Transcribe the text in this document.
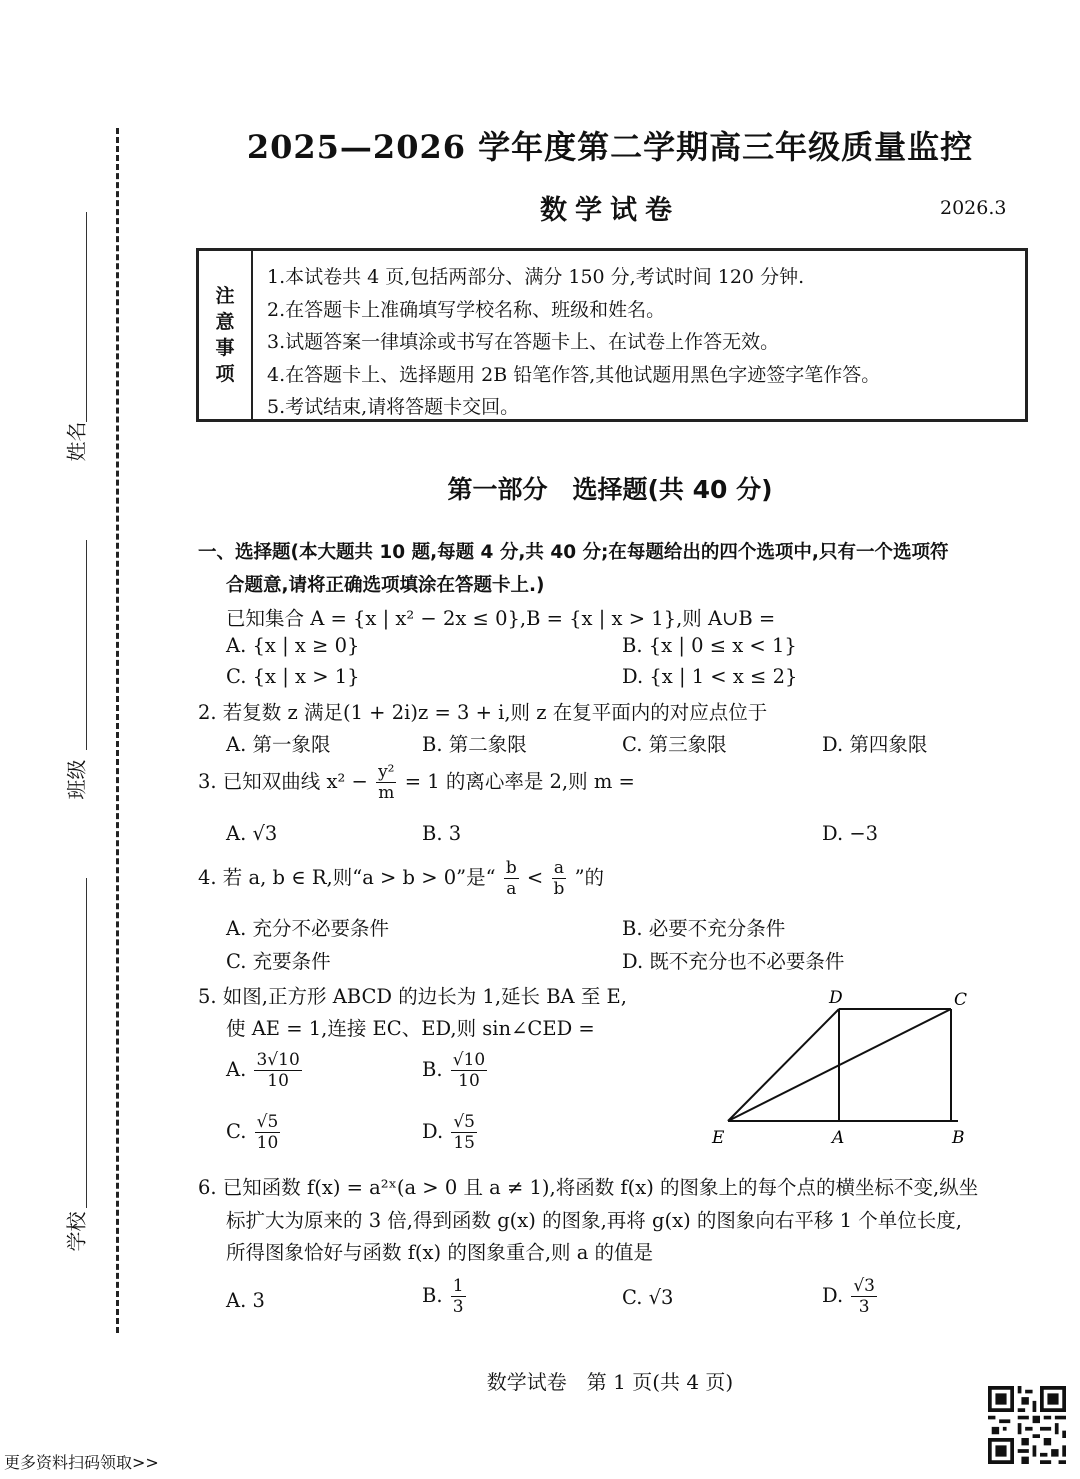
姓名
班级
学校
2025—2026 学年度第二学期高三年级质量监控
数学试卷	2026.3
注
意
事
项
1.本试卷共 4 页,包括两部分、满分 150 分,考试时间 120 分钟.
2.在答题卡上准确填写学校名称、班级和姓名。
3.试题答案一律填涂或书写在答题卡上、在试卷上作答无效。
4.在答题卡上、选择题用 2B 铅笔作答,其他试题用黑色字迹签字笔作答。
5.考试结束,请将答题卡交回。
第一部分　选择题(共 40 分)
一、选择题(本大题共 10 题,每题 4 分,共 40 分;在每题给出的四个选项中,只有一个选项符
合题意,请将正确选项填涂在答题卡上.)
已知集合 A = {x | x² − 2x ≤ 0},B = {x | x > 1},则 A∪B =
A. {x | x ≥ 0}	B. {x | 0 ≤ x < 1}
C. {x | x > 1}	D. {x | 1 < x ≤ 2}
2. 若复数 z 满足(1 + 2i)z = 3 + i,则 z 在复平面内的对应点位于
A. 第一象限	B. 第二象限	C. 第三象限	D. 第四象限
3. 已知双曲线 $x^2 - \frac{\text{y²}}{m} = 1$ 的离心率是 2,则 m =
A. √3	B. 3	D. −3
4. 若 a, b ∈ R,则“a > b > 0”是“ $\frac{b}{a} < \frac{a}{b}$ ”的
A. 充分不必要条件	B. 必要不充分条件
C. 充要条件	D. 既不充分也不必要条件
5. 如图,正方形 ABCD 的边长为 1,延长 BA 至 E,
使 AE = 1,连接 EC、ED,则 sin∠CED =
A. $\frac{3√10}{10}$	B. $\frac{√10}{10}$
C. $\frac{√5}{10}$	D. $\frac{√5}{15}$	E	A	B
C
D
6. 已知函数 f(x) = a²ˣ(a > 0 且 a ≠ 1),将函数 f(x) 的图象上的每个点的横坐标不变,纵坐
标扩大为原来的 3 倍,得到函数 g(x) 的图象,再将 g(x) 的图象向右平移 1 个单位长度,
所得图象恰好与函数 f(x) 的图象重合,则 a 的值是
A. 3	B. $\frac{1}{3}$	C. √3	D. $\frac{√3}{3}$
数学试卷　第 1 页(共 4 页)
更多资料扫码领取>>
